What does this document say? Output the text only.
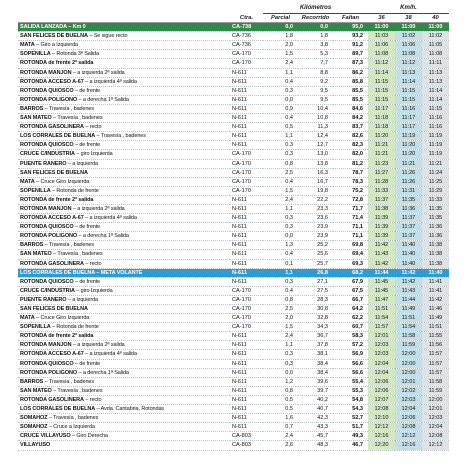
		Kilómetros			Km/h.		
	Ctra.	Parcial	Recorrido	Faltan	36	38	40
SALIDA LANZADA – Km 0	CA-738	0,0	0,0	95,0	11:00	11:00	11:00
SAN FELICES DE BUELNA – Se sigue recto	CA-736	1,8	1,8	93,2	11:03	11:02	11:02
MATA – Giro a Izquierda	CA-736	2,0	3,8	91,2	11:06	11:06	11:05
SOPENILLA – Rotonda 3ª Salida	CA-170	1,5	5,3	89,7	11:08	11:08	11:08
ROTONDA de frente 2ª salida	CA-170	2,4	7,7	87,3	11:12	11:12	11:11
ROTONDA MANJON – a izquierda 2ª salida	N-611	1,1	8,8	86,2	11:14	11:13	11:13
ROTONDA ACCESO A-67 – a izquierda 4ª salida	N-611	0,4	9,2	85,8	11:15	11:14	11:13
ROTONDA QUIOSCO – de frente	N-611	0,3	9,5	85,5	11:15	11:15	11:14
ROTONDA POLIGONO – a derecha 1ª Salida	N-611	0,0	9,5	85,5	11:15	11:15	11:14
BARROS – Travesía , badenes	N-611	0,9	10,4	84,6	11:17	11:16	11:15
SAN MATEO – Travesía , badenes	N-611	0,4	10,8	84,2	11:18	11:17	11:16
ROTONDA GASOLINERA – recto	N-611	0,5	11,3	83,7	11:18	11:17	11:16
LOS CORRALES DE BUELNA – Travesía , badenes	N-611	1,1	12,4	82,6	11:20	11:19	11:19
ROTONDA QUIOSCO – de frente	N-611	0,3	12,7	82,3	11:21	11:20	11:19
CRUCE C/INDUSTRIA – giro Izquierda	CA-170	0,3	13,0	82,0	11:21	11:20	11:19
PUENTE RANERO – a izquierda	CA-170	0,8	13,8	81,2	11:23	11:21	11:21
SAN FELICES DE BUELNA	CA-170	2,5	16,3	78,7	11:27	11:26	11:24
MATA – Cruce Giro Izquierda	CA-170	0,4	16,7	78,3	11:28	11:26	11:25
SOPENILLA – Rotonda de frente	CA-170	1,5	19,8	75,2	11:33	11:31	11:29
ROTONDA de frente 2ª salida	N-611	2,4	22,2	72,8	11:37	11:35	11:33
ROTONDA MANJON – a izquierda 2ª salida	N-611	1,1	23,3	71,7	11:38	11:36	11:35
ROTONDA ACCESO A-67 – a izquierda 4ª salida	N-611	0,3	23,6	71,4	11:39	11:37	11:35
ROTONDA QUIOSCO – de frente	N-611	0,3	23,9	71,1	11:39	11:37	11:36
ROTONDA POLIGONO – a derecha 1ª Salida	N-611	0,0	23,9	71,1	11:39	11:37	11:36
BARROS – Travesía , badenes	N-611	1,3	25,2	69,8	11:42	11:40	11:38
SAN MATEO – Travesía , badenes	N-611	0,4	25,6	69,4	11:43	11:40	11:38
ROTONDA GASOLINERA – recto	N-611	0,1	25,7	69,3	11:42	11:40	11:38
LOS CORRALES DE BUELNA – META VOLANTE	N-611	1,1	26,8	68,2	11:44	11:42	11:40
ROTONDA QUIOSCO – de frente	N-611	0,3	27,1	67,9	11:45	11:42	11:41
CRUCE C/INDUSTRIA – giro Izquierda	CA-170	0,4	27,5	67,5	11:45	11:43	11:41
PUENTE RANERO – a izquierda	CA-170	0,8	28,3	66,7	11:47	11:44	11:42
SAN FELICES DE BUELNA	CA-170	2,5	30,8	64,2	11:51	11:49	11:46
MATA – Cruce Giro Izquierda	CA-170	2,0	32,8	62,2	11:54	11:51	11:49
SOPENILLA – Rotonda de frente	CA-170	1,5	34,3	60,7	11:57	11:54	11:51
ROTONDA de frente 2ª salida	N-611	2,4	36,7	58,3	12:01	11:58	11:55
ROTONDA MANJON – a izquierda 2ª salida	N-611	1,1	37,8	57,2	12:03	11:59	11:56
ROTONDA ACCESO A-67 – a izquierda 4ª salida	N-611	0,3	38,1	56,9	12:03	12:00	11:57
ROTONDA QUIOSCO – de frente	N-611	0,3	38,4	56,6	12:04	12:00	11:57
ROTONDA POLIGONO – a derecha 1ª Salida	N-611	0,0	38,4	56,6	12:04	12:00	11:57
BARROS – Travesía , badenes	N-611	1,2	39,6	55,4	12:06	12:01	11:58
SAN MATEO – Travesía , badenes	N-611	0,8	39,7	55,3	12:06	12:02	11:59
ROTONDA GASOLINERA – recto	N-611	0,5	40,2	54,8	12:07	12:03	12:00
LOS CORRALES DE BUELNA – Avda. Cantabria, Rotondas	N-611	0,5	40,7	54,3	12:08	12:04	12:01
SOMAHOZ – Travesía , badenes	N-611	1,6	42,3	52,7	12:10	12:06	12:03
SOMAHOZ – Cruce a Izquierda	N-611	0,7	43,3	51,7	12:12	12:08	12:04
CRUCE VILLAYUSO – Giro Derecha	CA-803	2,4	45,7	49,3	12:16	12:12	12:08
VILLAYUSO	CA-803	2,6	48,3	46,7	12:20	12:16	12:12
